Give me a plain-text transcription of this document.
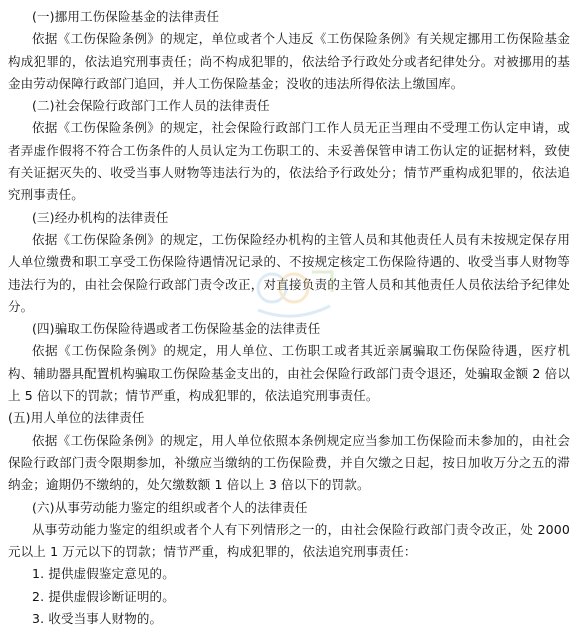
(一)挪用工伤保险基金的法律责任

依据《工伤保险条例》的规定，单位或者个人违反《工伤保险条例》有关规定挪用工伤保险基金构成犯罪的，依法追究刑事责任；尚不构成犯罪的，依法给予行政处分或者纪律处分。对被挪用的基金由劳动保障行政部门追回，并人工伤保险基金；没收的违法所得依法上缴国库。

(二)社会保险行政部门工作人员的法律责任

依据《工伤保险条例》的规定，社会保险行政部门工作人员无正当理由不受理工伤认定申请，或者弄虚作假将不符合工伤条件的人员认定为工伤职工的、未妥善保管申请工伤认定的证据材料，致使有关证据灭失的、收受当事人财物等违法行为的，依法给予行政处分；情节严重构成犯罪的，依法追究刑事责任。

(三)经办机构的法律责任

依据《工伤保险条例》的规定，工伤保险经办机构的主管人员和其他责任人员有未按规定保存用人单位缴费和职工享受工伤保险待遇情况记录的、不按规定核定工伤保险待遇的、收受当事人财物等违法行为的，由社会保险行政部门责令改正，对直接负责的主管人员和其他责任人员依法给予纪律处分。

(四)骗取工伤保险待遇或者工伤保险基金的法律责任

依据《工伤保险条例》的规定，用人单位、工伤职工或者其近亲属骗取工伤保险待遇，医疗机构、辅助器具配置机构骗取工伤保险基金支出的，由社会保险行政部门责令退还，处骗取金额 2 倍以上 5 倍以下的罚款；情节严重，构成犯罪的，依法追究刑事责任。

(五)用人单位的法律责任

依据《工伤保险条例》的规定，用人单位依照本条例规定应当参加工伤保险而未参加的，由社会保险行政部门责令限期参加，补缴应当缴纳的工伤保险费，并自欠缴之日起，按日加收万分之五的滞纳金；逾期仍不缴纳的，处欠缴数额 1 倍以上 3 倍以下的罚款。

(六)从事劳动能力鉴定的组织或者个人的法律责任

从事劳动能力鉴定的组织或者个人有下列情形之一的，由社会保险行政部门责令改正，处 2000 元以上 1 万元以下的罚款；情节严重，构成犯罪的，依法追究刑事责任：

1. 提供虚假鉴定意见的。

2. 提供虚假诊断证明的。

3. 收受当事人财物的。
